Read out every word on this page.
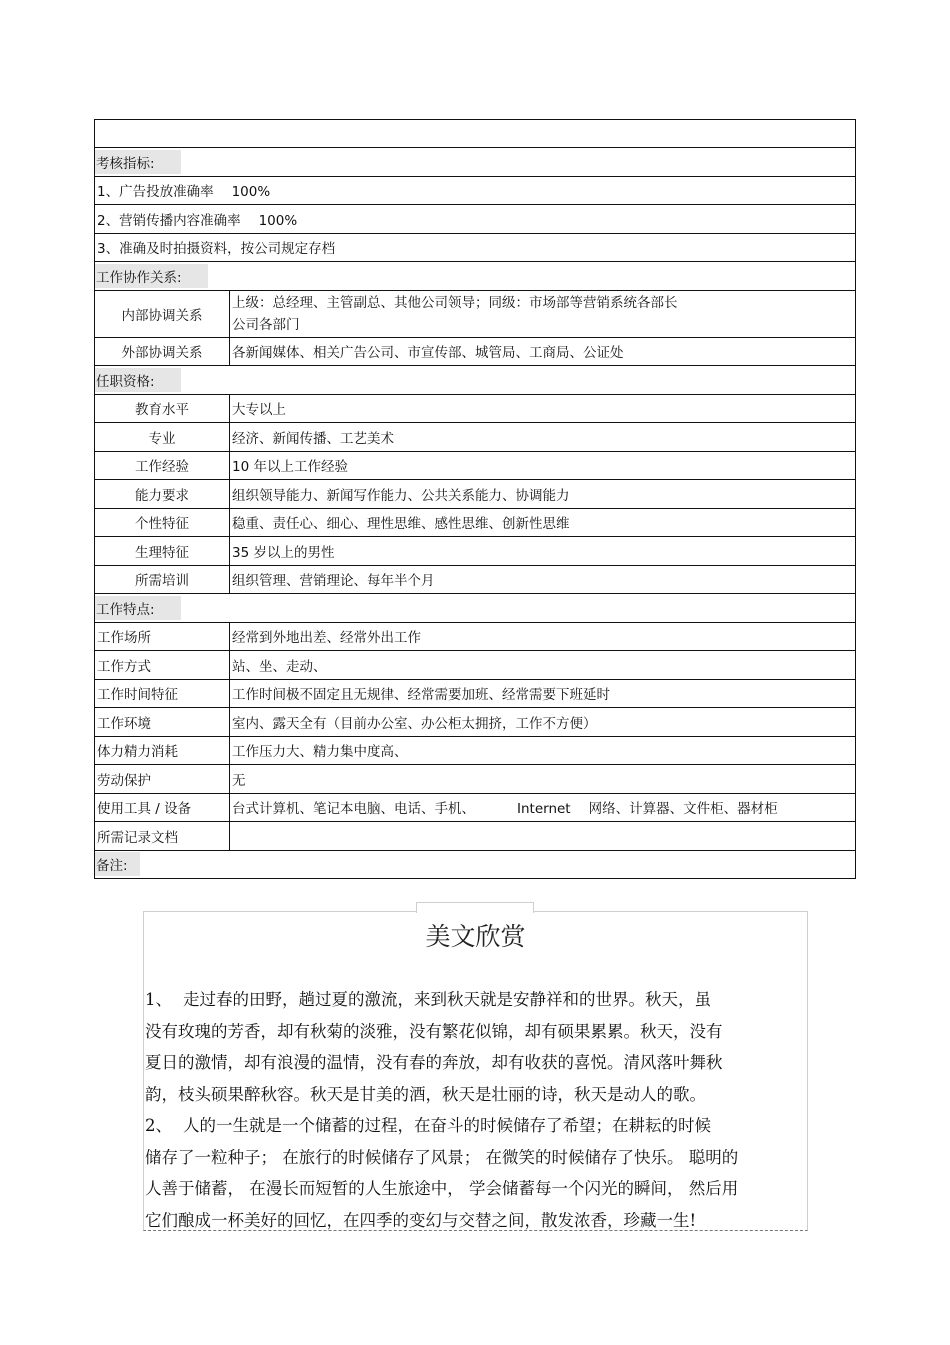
考核指标:	
1、广告投放准确率 100%	
2、营销传播内容准确率 100%	
3、准确及时拍摄资料，按公司规定存档	
工作协作关系:	
内部协调关系	上级：总经理、主管副总、其他公司领导；同级：市场部等营销系统各部长
公司各部门

外部协调关系	各新闻媒体、相关广告公司、市宣传部、城管局、工商局、公证处
任职资格:	
教育水平	大专以上
专业	经济、新闻传播、工艺美术
工作经验	10 年以上工作经验
能力要求	组织领导能力、新闻写作能力、公共关系能力、协调能力
个性特征	稳重、责任心、细心、理性思维、感性思维、创新性思维
生理特征	35 岁以上的男性
所需培训	组织管理、营销理论、每年半个月
工作特点:	
工作场所	经常到外地出差、经常外出工作
工作方式	站、坐、走动、
工作时间特征	工作时间极不固定且无规律、经常需要加班、经常需要下班延时
工作环境	室内、露天全有（目前办公室、办公柜太拥挤，工作不方便）
体力精力消耗	工作压力大、精力集中度高、
劳动保护	无
使用工具 / 设备	台式计算机、笔记本电脑、电话、手机、 Internet 网络、计算器、文件柜、器材柜
所需记录文档	
备注:	
美文欣赏

1、 走过春的田野，趟过夏的激流，来到秋天就是安静祥和的世界。秋天，虽

没有玫瑰的芳香，却有秋菊的淡雅，没有繁花似锦，却有硕果累累。秋天，没有

夏日的激情，却有浪漫的温情，没有春的奔放，却有收获的喜悦。清风落叶舞秋

韵，枝头硕果醉秋容。秋天是甘美的酒，秋天是壮丽的诗，秋天是动人的歌。

2、 人的一生就是一个储蓄的过程，在奋斗的时候储存了希望；在耕耘的时候

储存了一粒种子； 在旅行的时候储存了风景； 在微笑的时候储存了快乐。 聪明的

人善于储蓄， 在漫长而短暂的人生旅途中， 学会储蓄每一个闪光的瞬间， 然后用

它们酿成一杯美好的回忆，在四季的变幻与交替之间，散发浓香，珍藏一生!
